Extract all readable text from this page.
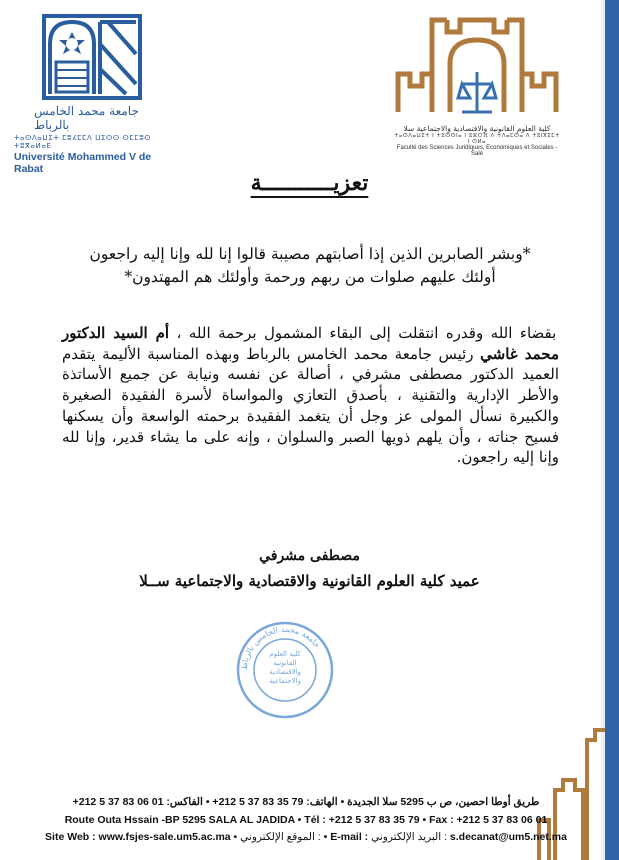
جامعة محمد الخامس بالرباط
ⵜⴰⵙⴷⴰⵡⵉⵜ ⵎⵓⵃⵎⵎⴷ ⵡⵉⵙⵙ ⵙⵎⵎⵓⵙ ⵜⵓⴳⴰⵍⴰⴹ
Université Mohammed V de Rabat
كلية العلوم القانونية والاقتصادية والاجتماعية سلا
ⵜⴰⵙⴷⴰⵡⵉⵜ ⵏ ⵜⵓⵙⵙⵏⴰ ⵏ ⵓⵣⵔⴼ ⴷ ⵜⴷⴰⵎⵙⴰ ⴷ ⵜⵓⵏⴳⵉⵎⵜ ⵏ ⵙⵍⴰ
Faculté des Sciences Juridiques, Economiques et Sociales - Salé
تعزيـــــــــــة
*وبشر الصابرين الذين إذا أصابتهم مصيبة قالوا إنا لله وإنا إليه راجعون
أولئك عليهم صلوات من ربهم ورحمة وأولئك هم المهتدون*
بقضاء الله وقدره انتقلت إلى البقاء المشمول برحمة الله ، أم السيد الدكتور محمد غاشي رئيس جامعة محمد الخامس بالرباط وبهذه المناسبة الأليمة يتقدم العميد الدكتور مصطفى مشرفي ، أصالة عن نفسه ونيابة عن جميع الأساتذة والأطر الإدارية والتقنية ، بأصدق التعازي والمواساة لأسرة الفقيدة الصغيرة والكبيرة نسأل المولى عز وجل أن يتغمد الفقيدة برحمته الواسعة وأن يسكنها فسيح جناته ، وأن يلهم ذويها الصبر والسلوان ، وإنه على ما يشاء قدير، وإنا لله وإنا إليه راجعون.
مصطفى مشرفي
عميد كلية العلوم القانونية والاقتصادية والاجتماعية ســلا
جامعة محمد الخامس بالرباط
كلية العلوم القانونية والاقتصادية والاجتماعية
طريق أوطا احصين، ص ب 5295 سلا الجديدة • الهاتف: 79 35 83 37 5 212+ • الفاكس: 01 06 83 37 5 212+
Route Outa Hssain -BP 5295 SALA AL JADIDA • Tél : +212 5 37 83 35 79 • Fax : +212 5 37 83 06 01
Site Web : www.fsjes-sale.um5.ac.ma • الموقع الإلكتروني : • E-mail : البريد الإلكتروني : s.decanat@um5.net.ma
